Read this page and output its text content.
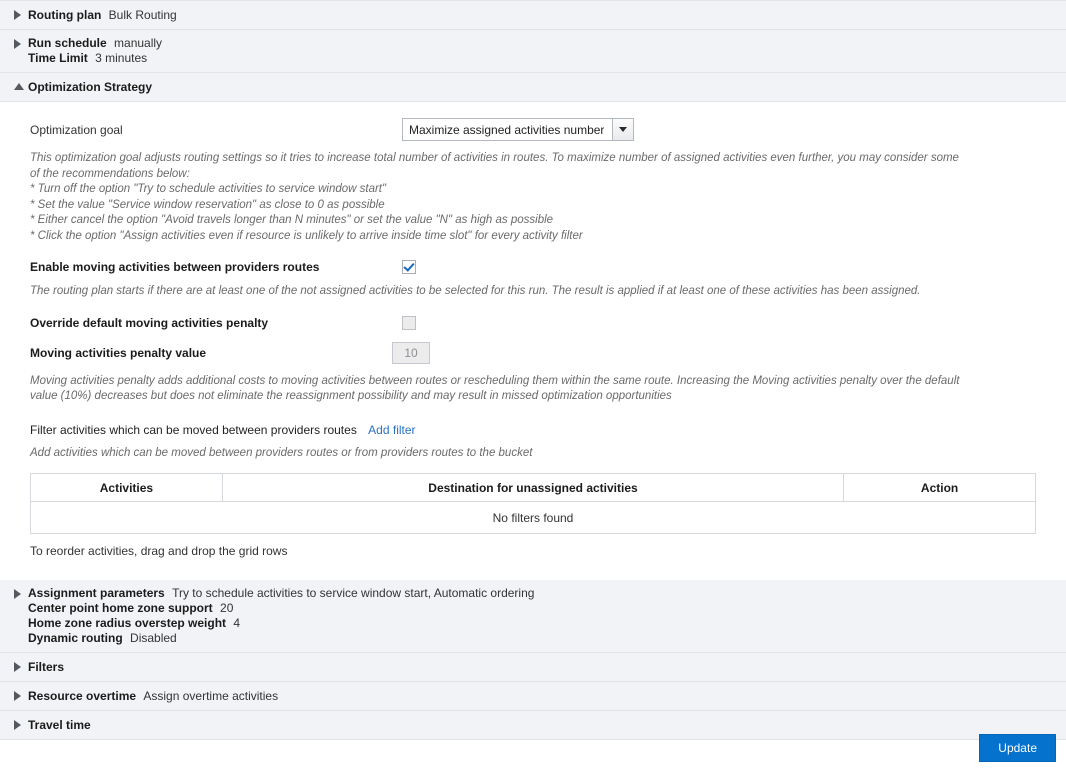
Routing plan Bulk Routing
Run schedule manually
Time Limit 3 minutes
Optimization Strategy
Optimization goal	Maximize assigned activities number
This optimization goal adjusts routing settings so it tries to increase total number of activities in routes. To maximize number of assigned activities even further, you may consider some
of the recommendations below:
* Turn off the option "Try to schedule activities to service window start"
* Set the value "Service window reservation" as close to 0 as possible
* Either cancel the option "Avoid travels longer than N minutes" or set the value "N" as high as possible
* Click the option "Assign activities even if resource is unlikely to arrive inside time slot" for every activity filter
Enable moving activities between providers routes
The routing plan starts if there are at least one of the not assigned activities to be selected for this run. The result is applied if at least one of these activities has been assigned.
Override default moving activities penalty
Moving activities penalty value	10
Moving activities penalty adds additional costs to moving activities between routes or rescheduling them within the same route. Increasing the Moving activities penalty over the default
value (10%) decreases but does not eliminate the reassignment possibility and may result in missed optimization opportunities
Filter activities which can be moved between providers routes Add filter
Add activities which can be moved between providers routes or from providers routes to the bucket
Activities	Destination for unassigned activities	Action
No filters found
To reorder activities, drag and drop the grid rows
Assignment parameters Try to schedule activities to service window start, Automatic ordering
Center point home zone support 20
Home zone radius overstep weight 4
Dynamic routing Disabled
Filters
Resource overtime Assign overtime activities
Travel time
Update
